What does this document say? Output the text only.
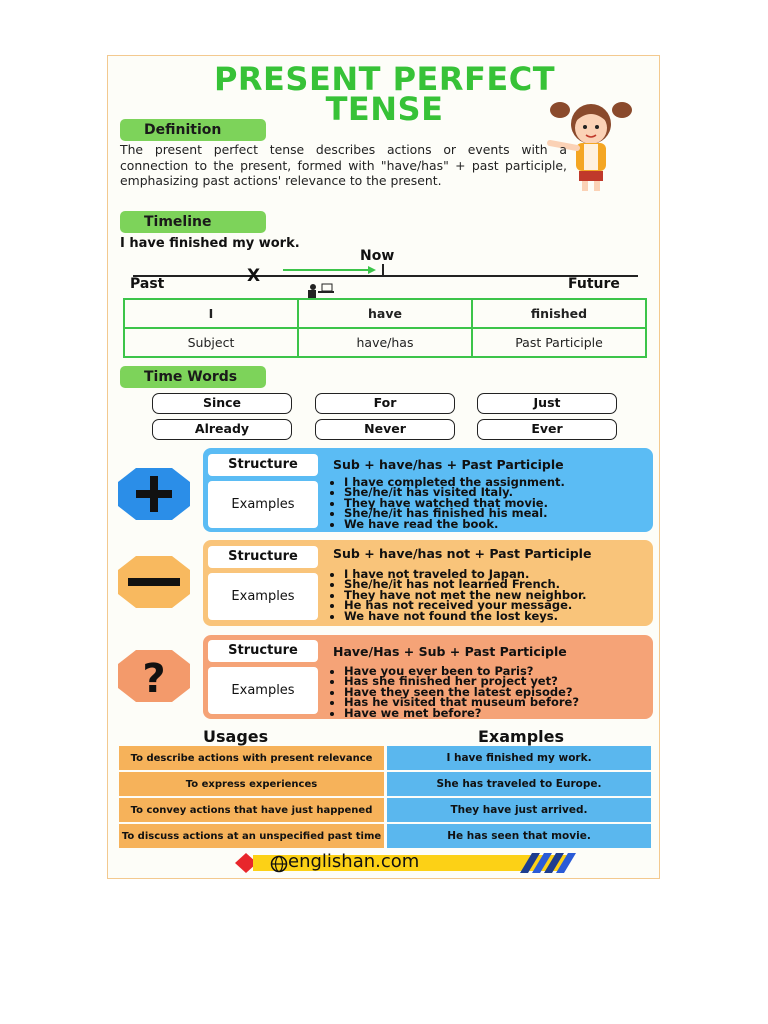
PRESENT PERFECT
TENSE
Definition
The present perfect tense describes actions or events with a connection to the present, formed with "have/has" + past participle, emphasizing past actions' relevance to the present.
Timeline
I have finished my work.
X
Now
Past	Future
I	have	finished
Subject	have/has	Past Participle
Time Words
Since	For	Just
Already	Never	Ever
Structure
Examples
Sub + have/has + Past Participle
• I have completed the assignment.
• She/he/it has visited Italy.
• They have watched that movie.
• She/he/it has finished his meal.
• We have read the book.
Structure
Examples
Sub + have/has not + Past Participle
• I have not traveled to Japan.
• She/he/it has not learned French.
• They have not met the new neighbor.
• He has not received your message.
• We have not found the lost keys.
?
Structure
Examples
Have/Has + Sub + Past Participle
• Have you ever been to Paris?
• Has she finished her project yet?
• Have they seen the latest episode?
• Has he visited that museum before?
• Have we met before?
Usages	Examples
To describe actions with present relevance	I have finished my work.
To express experiences	She has traveled to Europe.
To convey actions that have just happened	They have just arrived.
To discuss actions at an unspecified past time	He has seen that movie.
englishan.com
